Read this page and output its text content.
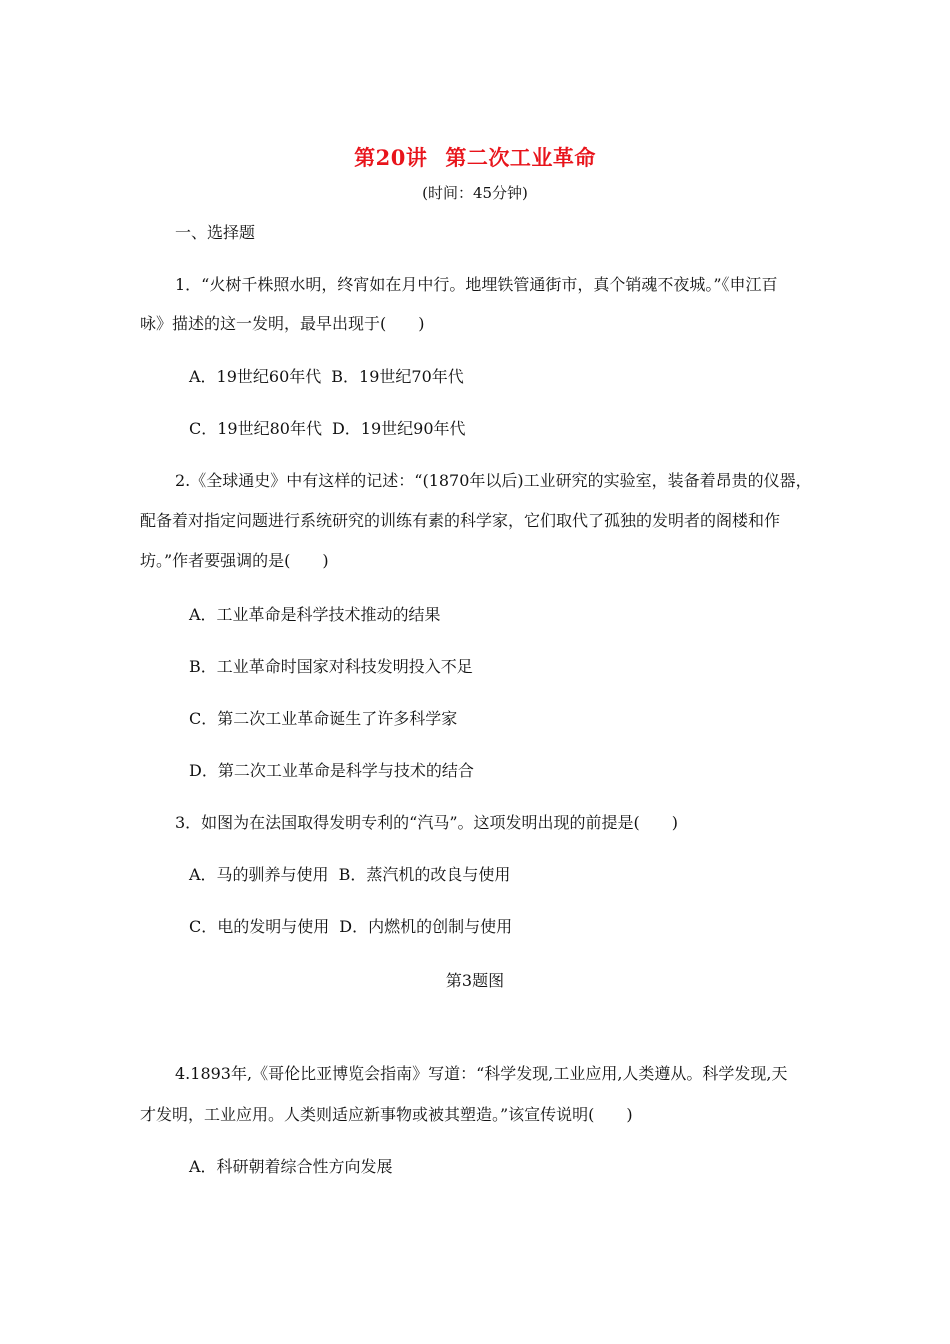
第20讲 第二次工业革命
(时间：45分钟)
一、选择题
1．“火树千株照水明，终宵如在月中行。地埋铁管通街市，真个销魂不夜城。”《申江百
咏》描述的这一发明，最早出现于(　　)
A．19世纪60年代 B．19世纪70年代
C．19世纪80年代 D．19世纪90年代
2.《全球通史》中有这样的记述：“(1870年以后)工业研究的实验室，装备着昂贵的仪器，
配备着对指定问题进行系统研究的训练有素的科学家，它们取代了孤独的发明者的阁楼和作
坊。”作者要强调的是(　　)
A．工业革命是科学技术推动的结果
B．工业革命时国家对科技发明投入不足
C．第二次工业革命诞生了许多科学家
D．第二次工业革命是科学与技术的结合
3．如图为在法国取得发明专利的“汽马”。这项发明出现的前提是(　　)
A．马的驯养与使用 B．蒸汽机的改良与使用
C．电的发明与使用 D．内燃机的创制与使用
第3题图
4.1893年,《哥伦比亚博览会指南》写道：“科学发现,工业应用,人类遵从。科学发现,天
才发明，工业应用。人类则适应新事物或被其塑造。”该宣传说明(　　)
A．科研朝着综合性方向发展
